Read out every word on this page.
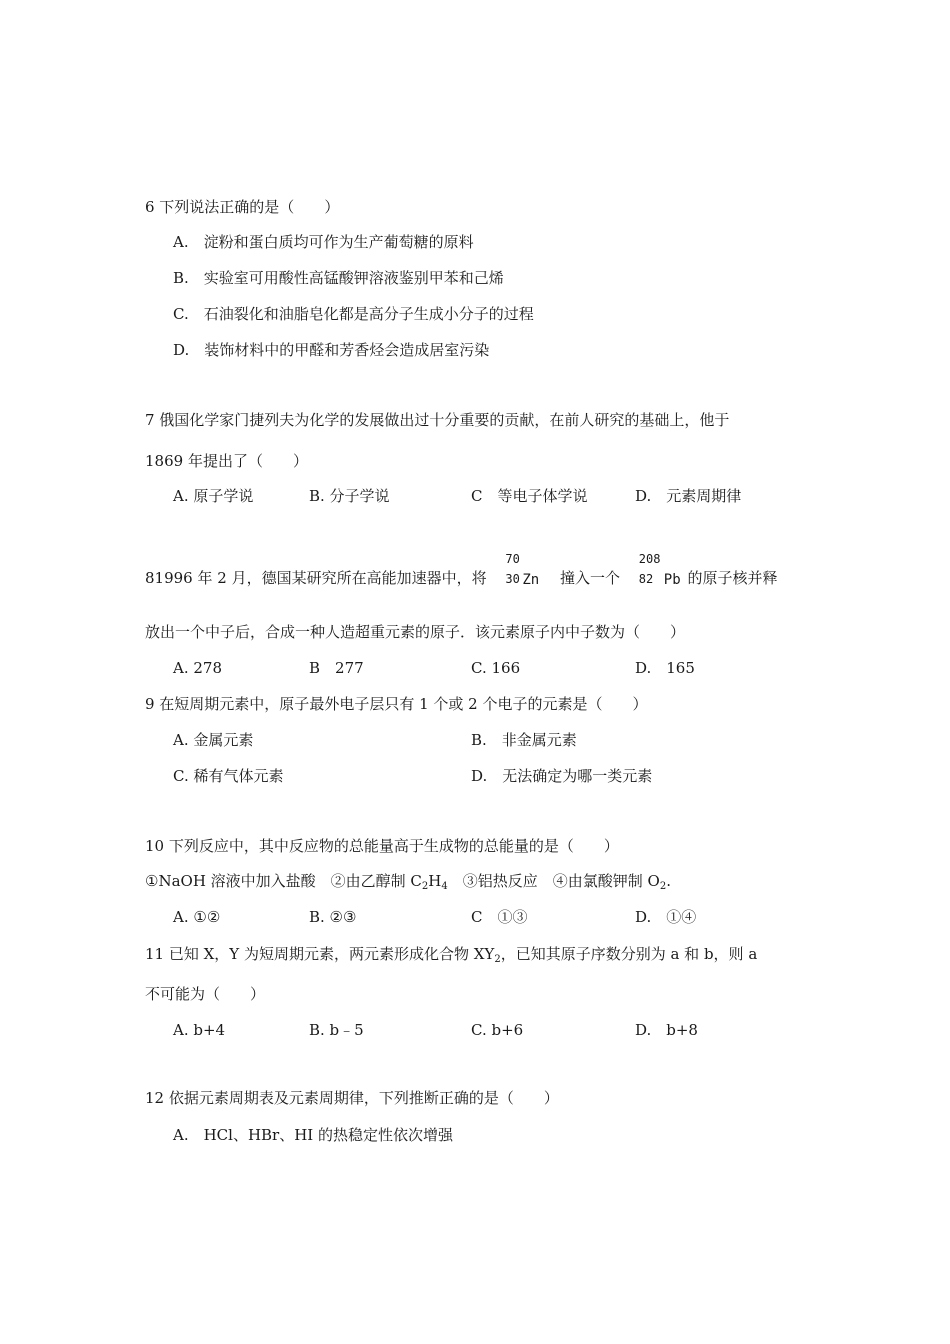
6 下列说法正确的是（　　）
A.　淀粉和蛋白质均可作为生产葡萄糖的原料
B.　实验室可用酸性高锰酸钾溶液鉴别甲苯和己烯
C.　石油裂化和油脂皂化都是高分子生成小分子的过程
D.　装饰材料中的甲醛和芳香烃会造成居室污染
7 俄国化学家门捷列夫为化学的发展做出过十分重要的贡献，在前人研究的基础上，他于
1869 年提出了（　　）
A. 原子学说	B. 分子学说	C　等电子体学说	D.　元素周期律
81996 年 2 月，德国某研究所在高能加速器中，将
70
30 Zn 撞入一个
208
82 Pb 的原子核并释
放出一个中子后，合成一种人造超重元素的原子．该元素原子内中子数为（　　）
A. 278	B　277	C. 166	D.　165
9 在短周期元素中，原子最外电子层只有 1 个或 2 个电子的元素是（　　）
A. 金属元素	B.　非金属元素
C. 稀有气体元素	D.　无法确定为哪一类元素
10 下列反应中，其中反应物的总能量高于生成物的总能量的是（　　）
①NaOH 溶液中加入盐酸　②由乙醇制 $C_2H_4$　③铝热反应　④由氯酸钾制 $O_2$.
A. ①②	B. ②③	C　①③	D.　①④
11 已知 X，Y 为短周期元素，两元素形成化合物 $XY_2$，已知其原子序数分别为 a 和 b，则 a
不可能为（　　）
A. b+4	B. b﹣5	C. b+6	D.　b+8
12 依据元素周期表及元素周期律，下列推断正确的是（　　）
A.　HCl、HBr、HI 的热稳定性依次增强
